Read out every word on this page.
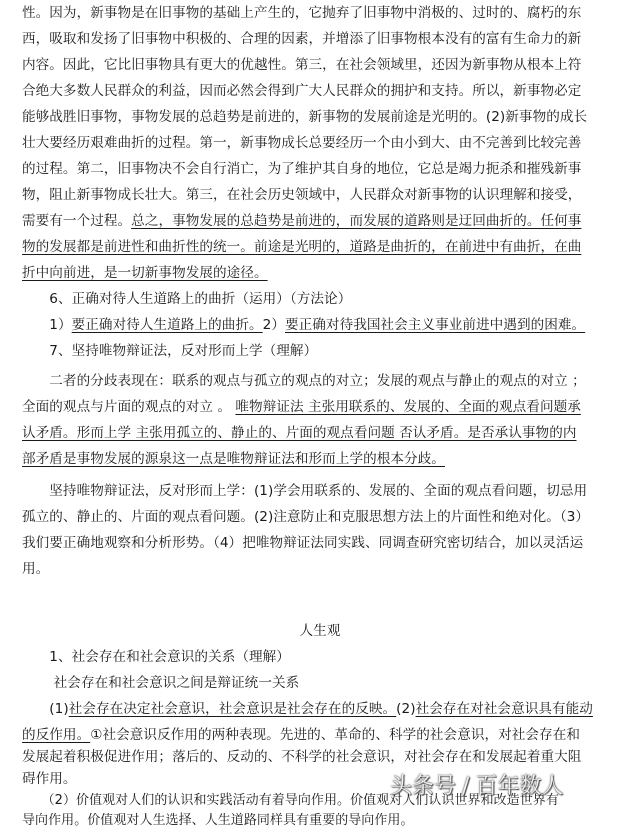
性。因为，新事物是在旧事物的基础上产生的，它抛弃了旧事物中消极的、过时的、腐朽的东
西，吸取和发扬了旧事物中积极的、合理的因素，并增添了旧事物根本没有的富有生命力的新
内容。因此，它比旧事物具有更大的优越性。第三，在社会领域里，还因为新事物从根本上符
合绝大多数人民群众的利益，因而必然会得到广大人民群众的拥护和支持。所以，新事物必定
能够战胜旧事物，事物发展的总趋势是前进的，新事物的发展前途是光明的。(2)新事物的成长
壮大要经历艰难曲折的过程。第一，新事物成长总要经历一个由小到大、由不完善到比较完善
的过程。第二，旧事物决不会自行消亡，为了维护其自身的地位，它总是竭力扼杀和摧残新事
物，阻止新事物成长壮大。第三，在社会历史领域中，人民群众对新事物的认识理解和接受，
需要有一个过程。总之，事物发展的总趋势是前进的，而发展的道路则是迂回曲折的。任何事
物的发展都是前进性和曲折性的统一。前途是光明的，道路是曲折的，在前进中有曲折，在曲
折中向前进，是一切新事物发展的途径。
　　6、正确对待人生道路上的曲折（运用）（方法论）
　　1）要正确对待人生道路上的曲折。2）要正确对待我国社会主义事业前进中遇到的困难。
　　7、坚持唯物辩证法，反对形而上学（理解）
　　二者的分歧表现在：联系的观点与孤立的观点的对立；发展的观点与静止的观点的对立 ；
全面的观点与片面的观点的对立 。 唯物辩证法 主张用联系的、发展的、全面的观点看问题承
认矛盾。形而上学 主张用孤立的、静止的、片面的观点看问题 否认矛盾。是否承认事物的内
部矛盾是事物发展的源泉这一点是唯物辩证法和形而上学的根本分歧。
　　坚持唯物辩证法，反对形而上学：(1)学会用联系的、发展的、全面的观点看问题，切忌用
孤立的、静止的、片面的观点看问题。(2)注意防止和克服思想方法上的片面性和绝对化。（3）
我们要正确地观察和分析形势。（4）把唯物辩证法同实践、同调查研究密切结合，加以灵活运
用。
人生观
　　1、社会存在和社会意识的关系（理解）
　　 社会存在和社会意识之间是辩证统一关系
　　(1)社会存在决定社会意识，社会意识是社会存在的反映。(2)社会存在对社会意识具有能动
的反作用。①社会意识反作用的两种表现。先进的、革命的、科学的社会意识，对社会存在和
发展起着积极促进作用；落后的、反动的、不科学的社会意识，对社会存在和发展起着重大阻
碍作用。
　　（2）价值观对人们的认识和实践活动有着导向作用。价值观对人们认识世界和改造世界有
导向作用。价值观对人生选择、人生道路同样具有重要的导向作用。
头条号 / 百年数人
